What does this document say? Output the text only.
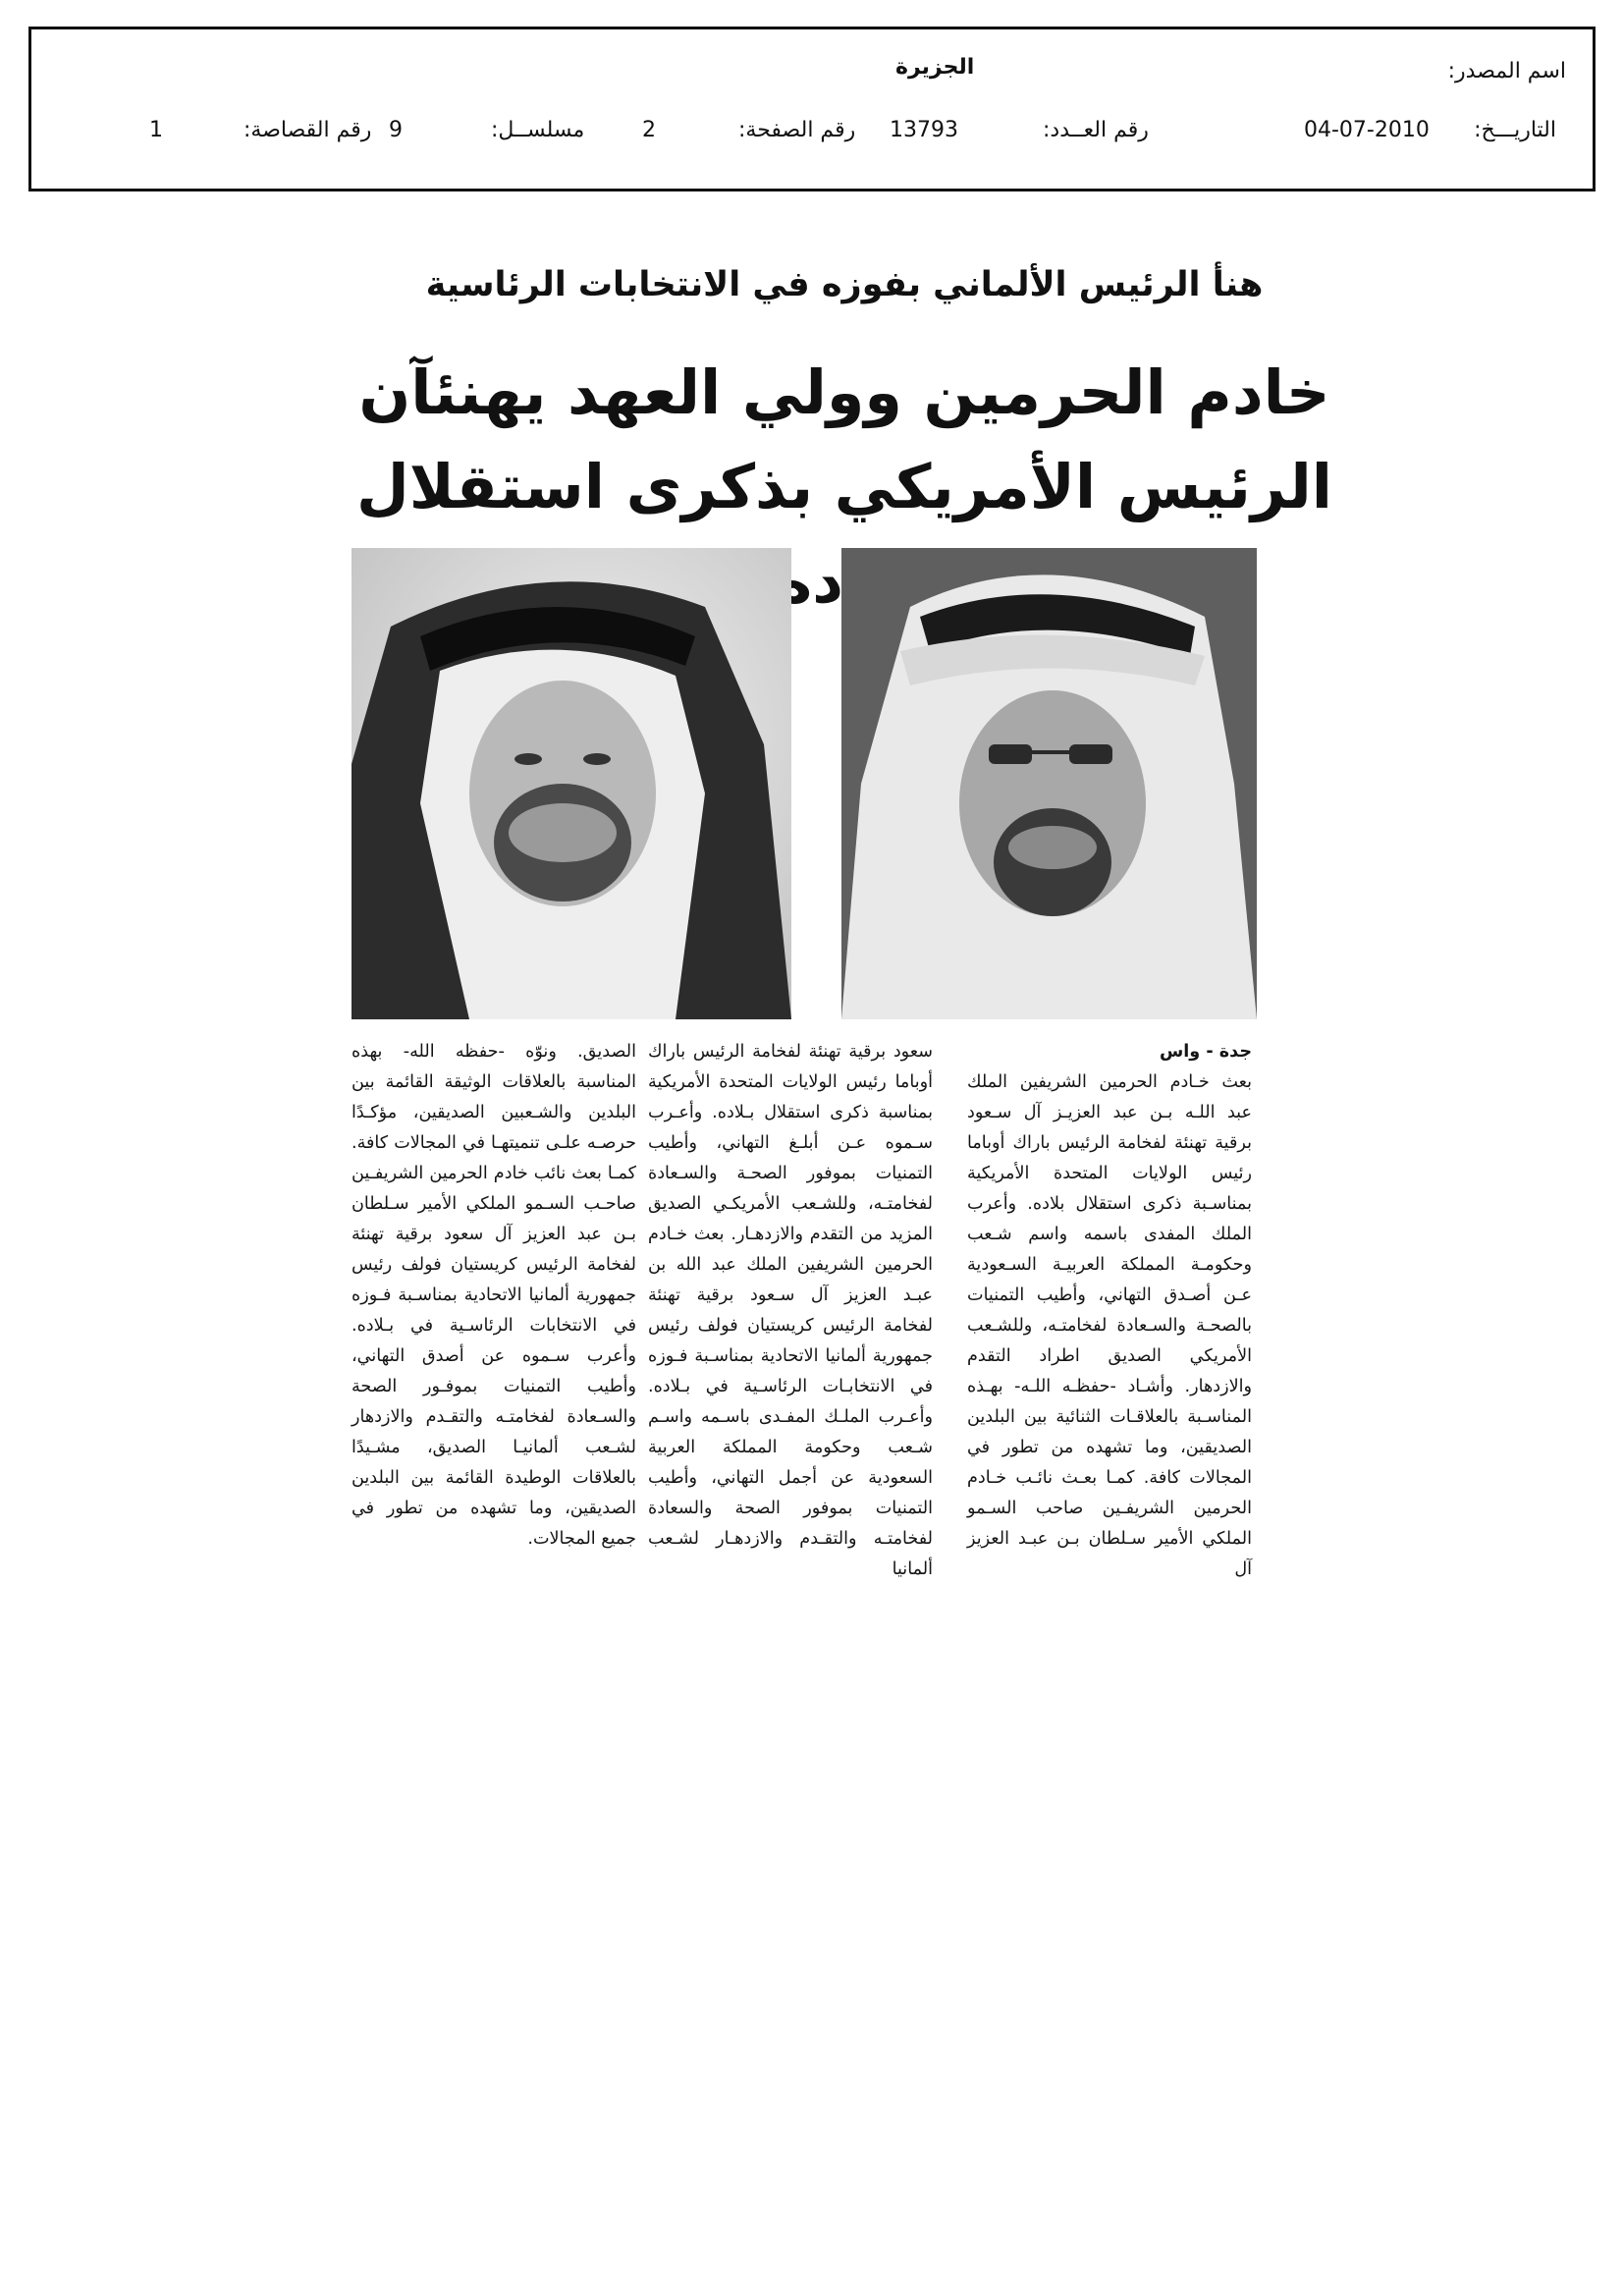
اسم المصدر:
الجزيرة
التاريـــخ:
04-07-2010
رقم العــدد:
13793
رقم الصفحة:
2
مسلســل:
9
رقم القصاصة:
1
هنأ الرئيس الألماني بفوزه في الانتخابات الرئاسية
خادم الحرمين وولي العهد يهنئآن
الرئيس الأمريكي بذكرى استقلال

جدة - واس

بعث خـادم الحرمين الشريفين الملك عبد اللـه بـن عبد العزيـز آل سـعود برقية تهنئة لفخامة الرئيس باراك أوباما رئيس الولايات المتحدة الأمريكية بمناسـبة ذكرى استقلال بلاده. وأعرب الملك المفدى باسمه واسم شـعب وحكومـة المملكة العربيـة السـعودية عـن أصـدق التهاني، وأطيب التمنيات بالصحـة والسـعادة لفخامتـه، وللشـعب الأمريكي الصديق اطراد التقدم والازدهار. وأشـاد -حفظـه اللـه- بهـذه المناسـبة بالعلاقـات الثنائية بين البلدين الصديقين، وما تشهده من تطور في المجالات كافة. كمـا بعـث نائـب خـادم الحرمين الشريفـين صاحب السـمو الملكي الأمير سـلطان بـن عبـد العزيز آل

سعود برقية تهنئة لفخامة الرئيس باراك أوباما رئيس الولايات المتحدة الأمريكية بمناسبة ذكرى استقلال بـلاده. وأعـرب سـموه عـن أبلـغ التهاني، وأطيب التمنيات بموفور الصحـة والسـعادة لفخامتـه، وللشـعب الأمريكـي الصديق المزيد من التقدم والازدهـار. بعث خـادم الحرمين الشريفين الملك عبد الله بن عبـد العزيز آل سـعود برقية تهنئة لفخامة الرئيس كريستيان فولف رئيس جمهورية ألمانيا الاتحادية بمناسـبة فـوزه في الانتخابـات الرئاسـية في بـلاده. وأعـرب الملـك المفـدى باسـمه واسـم شـعب وحكومة المملكة العربية السعودية عن أجمل التهاني، وأطيب التمنيات بموفور الصحة والسعادة لفخامتـه والتقـدم والازدهـار لشـعب ألمانيا

الصديق. ونوّه -حفظه الله- بهذه المناسبة بالعلاقات الوثيقة القائمة بين البلدين والشـعبين الصديقين، مؤكـدًا حرصـه علـى تنميتهـا في المجالات كافة. كمـا بعث نائب خادم الحرمين الشريفـين صاحـب السـمو الملكي الأمير سـلطان بـن عبد العزيز آل سعود برقية تهنئة لفخامة الرئيس كريستيان فولف رئيس جمهورية ألمانيا الاتحادية بمناسـبة فـوزه في الانتخابات الرئاسـية في بـلاده. وأعرب سـموه عن أصدق التهاني، وأطيب التمنيات بموفـور الصحة والسـعادة لفخامتـه والتقـدم والازدهار لشـعب ألمانيـا الصديق، مشـيدًا بالعلاقات الوطيدة القائمة بين البلدين الصديقين، وما تشهده من تطور في جميع المجالات.
